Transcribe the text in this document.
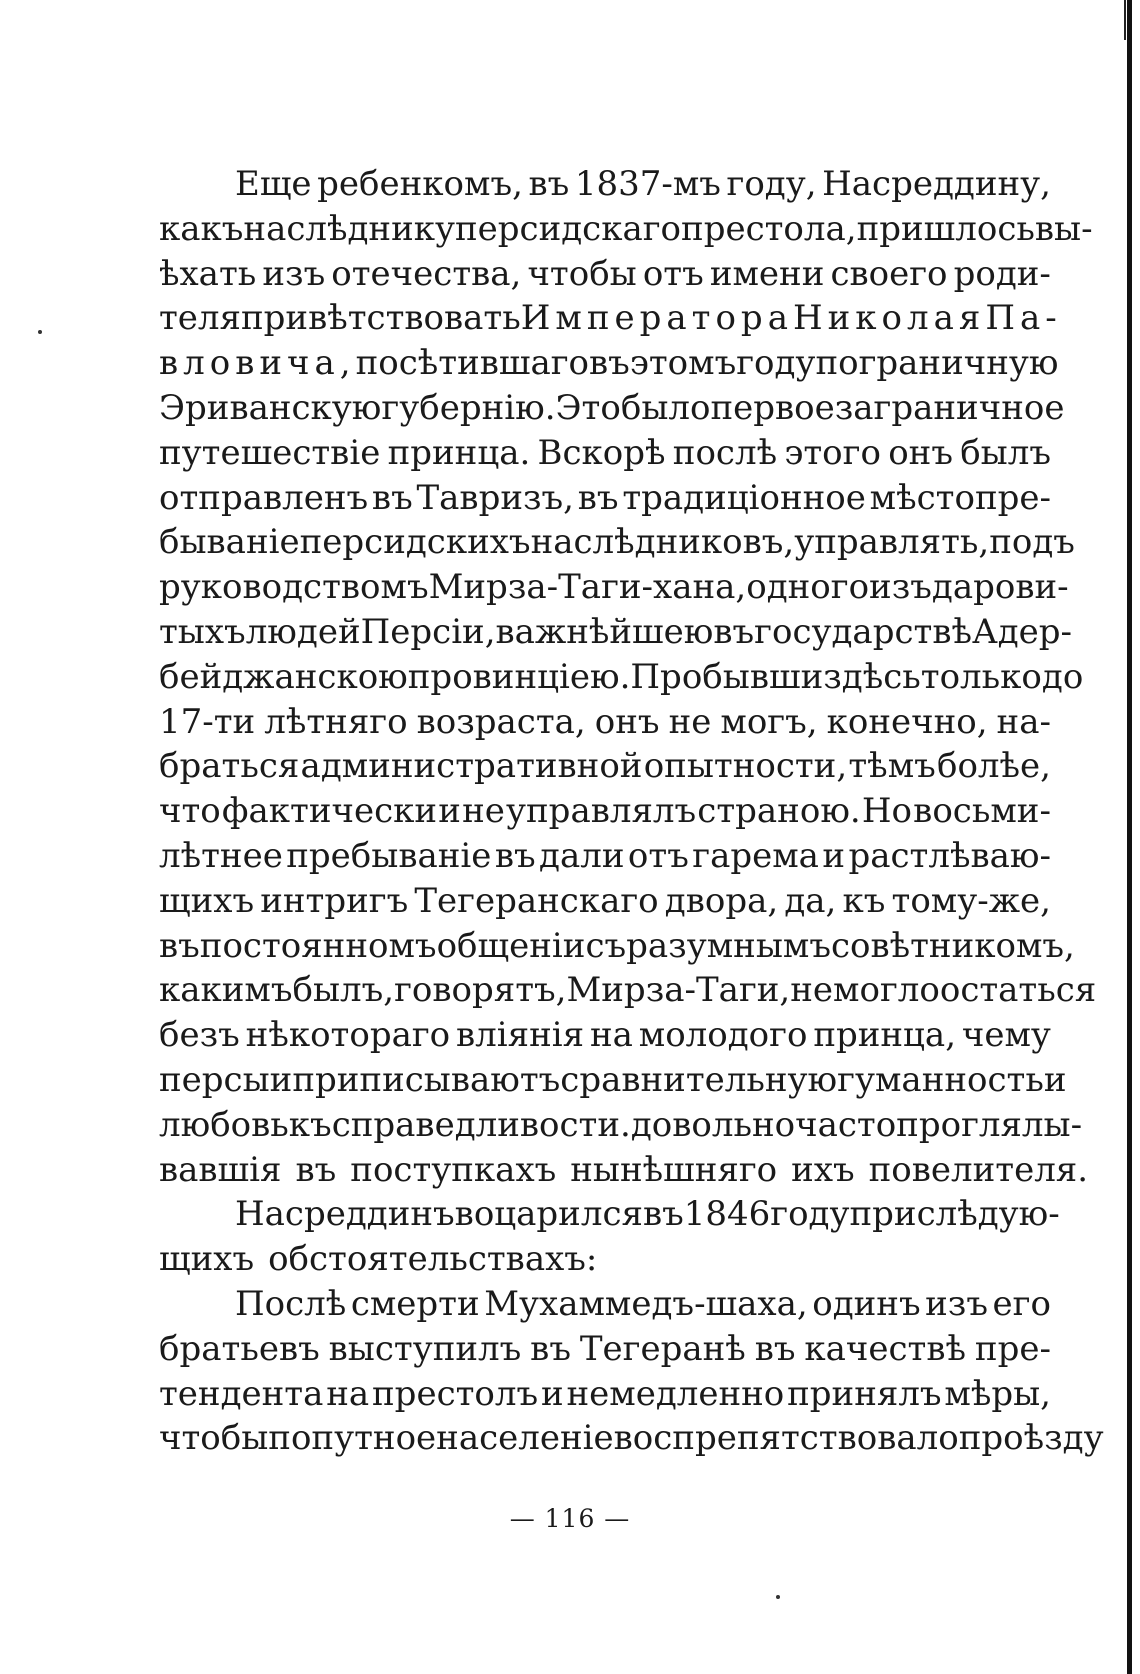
Еще ребенкомъ, въ 1837-мъ году, Насреддину,
какъ наслѣднику персидскаго престола, пришлось вы-
ѣхать изъ отечества, чтобы отъ имени своего роди-
теля привѣтствовать Императора Николая Па-
вловича, посѣтившаго въ этомъ году пограничную
Эриванскую губернію. Это было первое заграничное
путешествіе принца. Вскорѣ послѣ этого онъ былъ
отправленъ въ Тавризъ, въ традиціонное мѣстопре-
бываніе персидскихъ наслѣдниковъ, управлять, подъ
руководствомъ Мирза-Таги-хана, одного изъ дарови-
тыхъ людей Персіи, важнѣйшею въ государствѣ Адер-
бейджанскою провинціею. Пробывши здѣсь только до
17-ти лѣтняго возраста, онъ не могъ, конечно, на-
браться административной опытности, тѣмъ болѣе,
что фактически и не управлялъ страною. Но восьми-
лѣтнее пребываніе въ дали отъ гарема и растлѣваю-
щихъ интригъ Тегеранскаго двора, да, къ тому-же,
въ постоянномъ общеніи съ разумнымъ совѣтникомъ,
какимъ былъ, говорятъ, Мирза-Таги, не могло остаться
безъ нѣкотораго вліянія на молодого принца, чему
персы и приписываютъ сравнительную гуманность и
любовь къ справедливости. довольно часто проглялы-
вавшія въ поступкахъ нынѣшняго ихъ повелителя.
Насреддинъ воцарился въ 1846 году при слѣдую-
щихъ обстоятельствахъ:
Послѣ смерти Мухаммедъ-шаха, одинъ изъ его
братьевъ выступилъ въ Тегеранѣ въ качествѣ пре-
тендента на престолъ и немедленно принялъ мѣры,
чтобы попутное населеніе воспрепятствовало проѣзду
— 116 —
